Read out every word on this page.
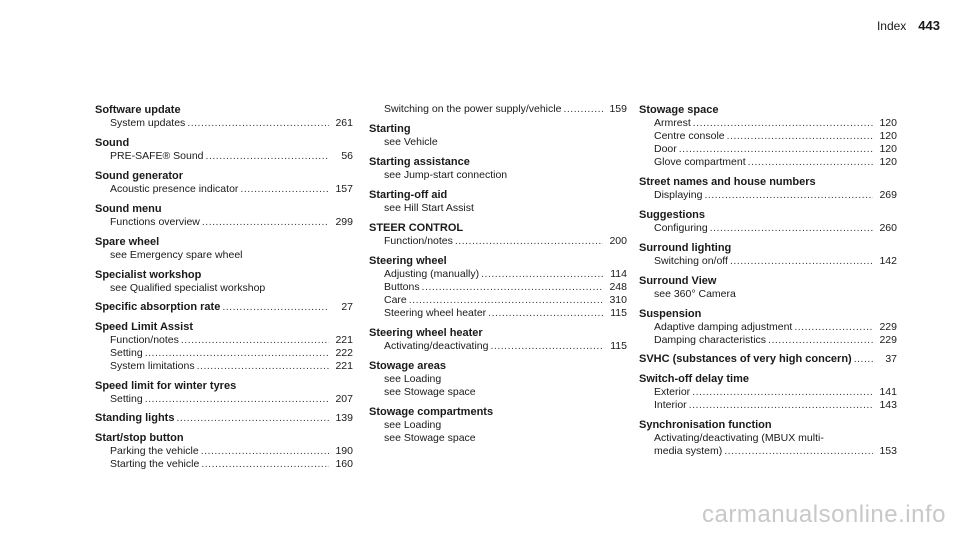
Index 443
Software update
System updates .....	261
Sound
PRE-SAFE® Sound .....	56
Sound generator
Acoustic presence indicator .....	157
Sound menu
Functions overview .....	299
Spare wheel
see Emergency spare wheel
Specialist workshop
see Qualified specialist workshop
Specific absorption rate .....	27
Speed Limit Assist
Function/notes .....	221
Setting .....	222
System limitations .....	221
Speed limit for winter tyres
Setting .....	207
Standing lights .....	139
Start/stop button
Parking the vehicle .....	190
Starting the vehicle .....	160
Switching on the power supply/vehicle .....	159
Starting
see Vehicle
Starting assistance
see Jump-start connection
Starting-off aid
see Hill Start Assist
STEER CONTROL
Function/notes .....	200
Steering wheel
Adjusting (manually) .....	114
Buttons .....	248
Care .....	310
Steering wheel heater .....	115
Steering wheel heater
Activating/deactivating .....	115
Stowage areas
see Loading
see Stowage space
Stowage compartments
see Loading
see Stowage space
Stowage space
Armrest .....	120
Centre console .....	120
Door .....	120
Glove compartment .....	120
Street names and house numbers
Displaying .....	269
Suggestions
Configuring .....	260
Surround lighting
Switching on/off .....	142
Surround View
see 360° Camera
Suspension
Adaptive damping adjustment .....	229
Damping characteristics .....	229
SVHC (substances of very high concern) .....	37
Switch-off delay time
Exterior .....	141
Interior .....	143
Synchronisation function
Activating/deactivating (MBUX multi-
media system) .....	153
carmanualsonline.info
